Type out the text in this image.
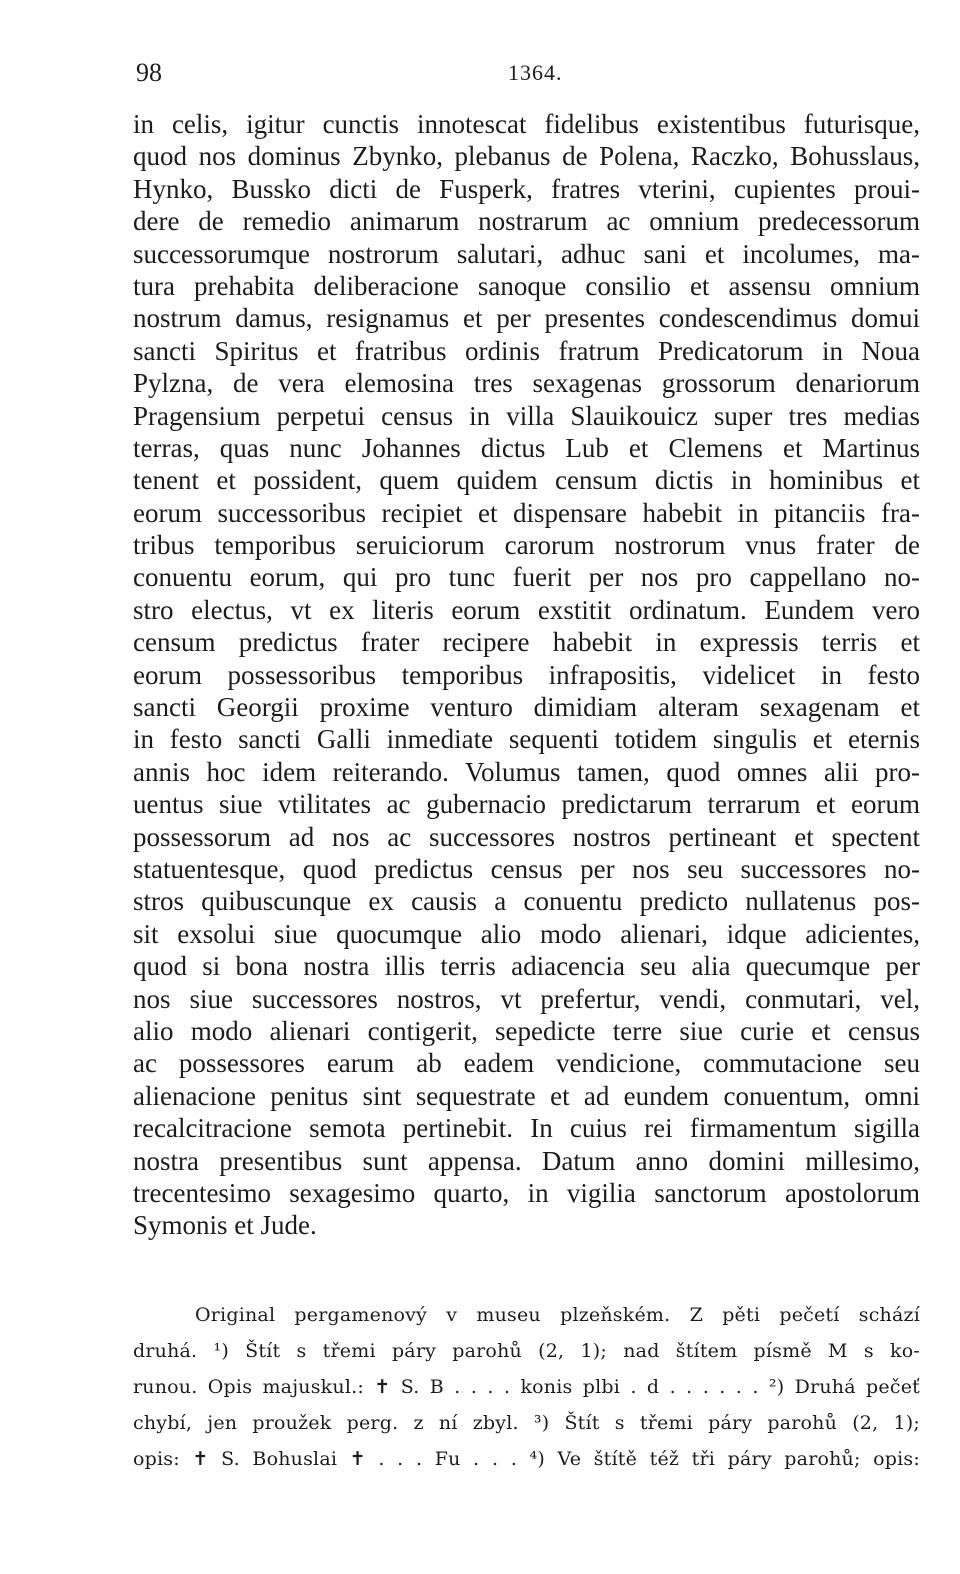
98	1364.
in celis, igitur cunctis innotescat fidelibus existentibus futurisque,
quod nos dominus Zbynko, plebanus de Polena, Raczko, Bohusslaus,
Hynko, Bussko dicti de Fusperk, fratres vterini, cupientes proui-
dere de remedio animarum nostrarum ac omnium predecessorum
successorumque nostrorum salutari, adhuc sani et incolumes, ma-
tura prehabita deliberacione sanoque consilio et assensu omnium
nostrum damus, resignamus et per presentes condescendimus domui
sancti Spiritus et fratribus ordinis fratrum Predicatorum in Noua
Pylzna, de vera elemosina tres sexagenas grossorum denariorum
Pragensium perpetui census in villa Slauikouicz super tres medias
terras, quas nunc Johannes dictus Lub et Clemens et Martinus
tenent et possident, quem quidem censum dictis in hominibus et
eorum successoribus recipiet et dispensare habebit in pitanciis fra-
tribus temporibus seruiciorum carorum nostrorum vnus frater de
conuentu eorum, qui pro tunc fuerit per nos pro cappellano no-
stro electus, vt ex literis eorum exstitit ordinatum. Eundem vero
censum predictus frater recipere habebit in expressis terris et
eorum possessoribus temporibus infrapositis, videlicet in festo
sancti Georgii proxime venturo dimidiam alteram sexagenam et
in festo sancti Galli inmediate sequenti totidem singulis et eternis
annis hoc idem reiterando. Volumus tamen, quod omnes alii pro-
uentus siue vtilitates ac gubernacio predictarum terrarum et eorum
possessorum ad nos ac successores nostros pertineant et spectent
statuentesque, quod predictus census per nos seu successores no-
stros quibuscunque ex causis a conuentu predicto nullatenus pos-
sit exsolui siue quocumque alio modo alienari, idque adicientes,
quod si bona nostra illis terris adiacencia seu alia quecumque per
nos siue successores nostros, vt prefertur, vendi, conmutari, vel,
alio modo alienari contigerit, sepedicte terre siue curie et census
ac possessores earum ab eadem vendicione, commutacione seu
alienacione penitus sint sequestrate et ad eundem conuentum, omni
recalcitracione semota pertinebit. In cuius rei firmamentum sigilla
nostra presentibus sunt appensa. Datum anno domini millesimo,
trecentesimo sexagesimo quarto, in vigilia sanctorum apostolorum
Symonis et Jude.
Original pergamenový v museu plzeňském. Z pěti pečetí schází
druhá. ¹) Štít s třemi páry parohů (2, 1); nad štítem písmě M s ko-
runou. Opis majuskul.: ✝ S. B . . . . konis plbi . d . . . . . . ²) Druhá pečeť
chybí, jen proužek perg. z ní zbyl. ³) Štít s třemi páry parohů (2, 1);
opis: ✝ S. Bohuslai ✝ . . . Fu . . . ⁴) Ve štítě též tři páry parohů; opis:
